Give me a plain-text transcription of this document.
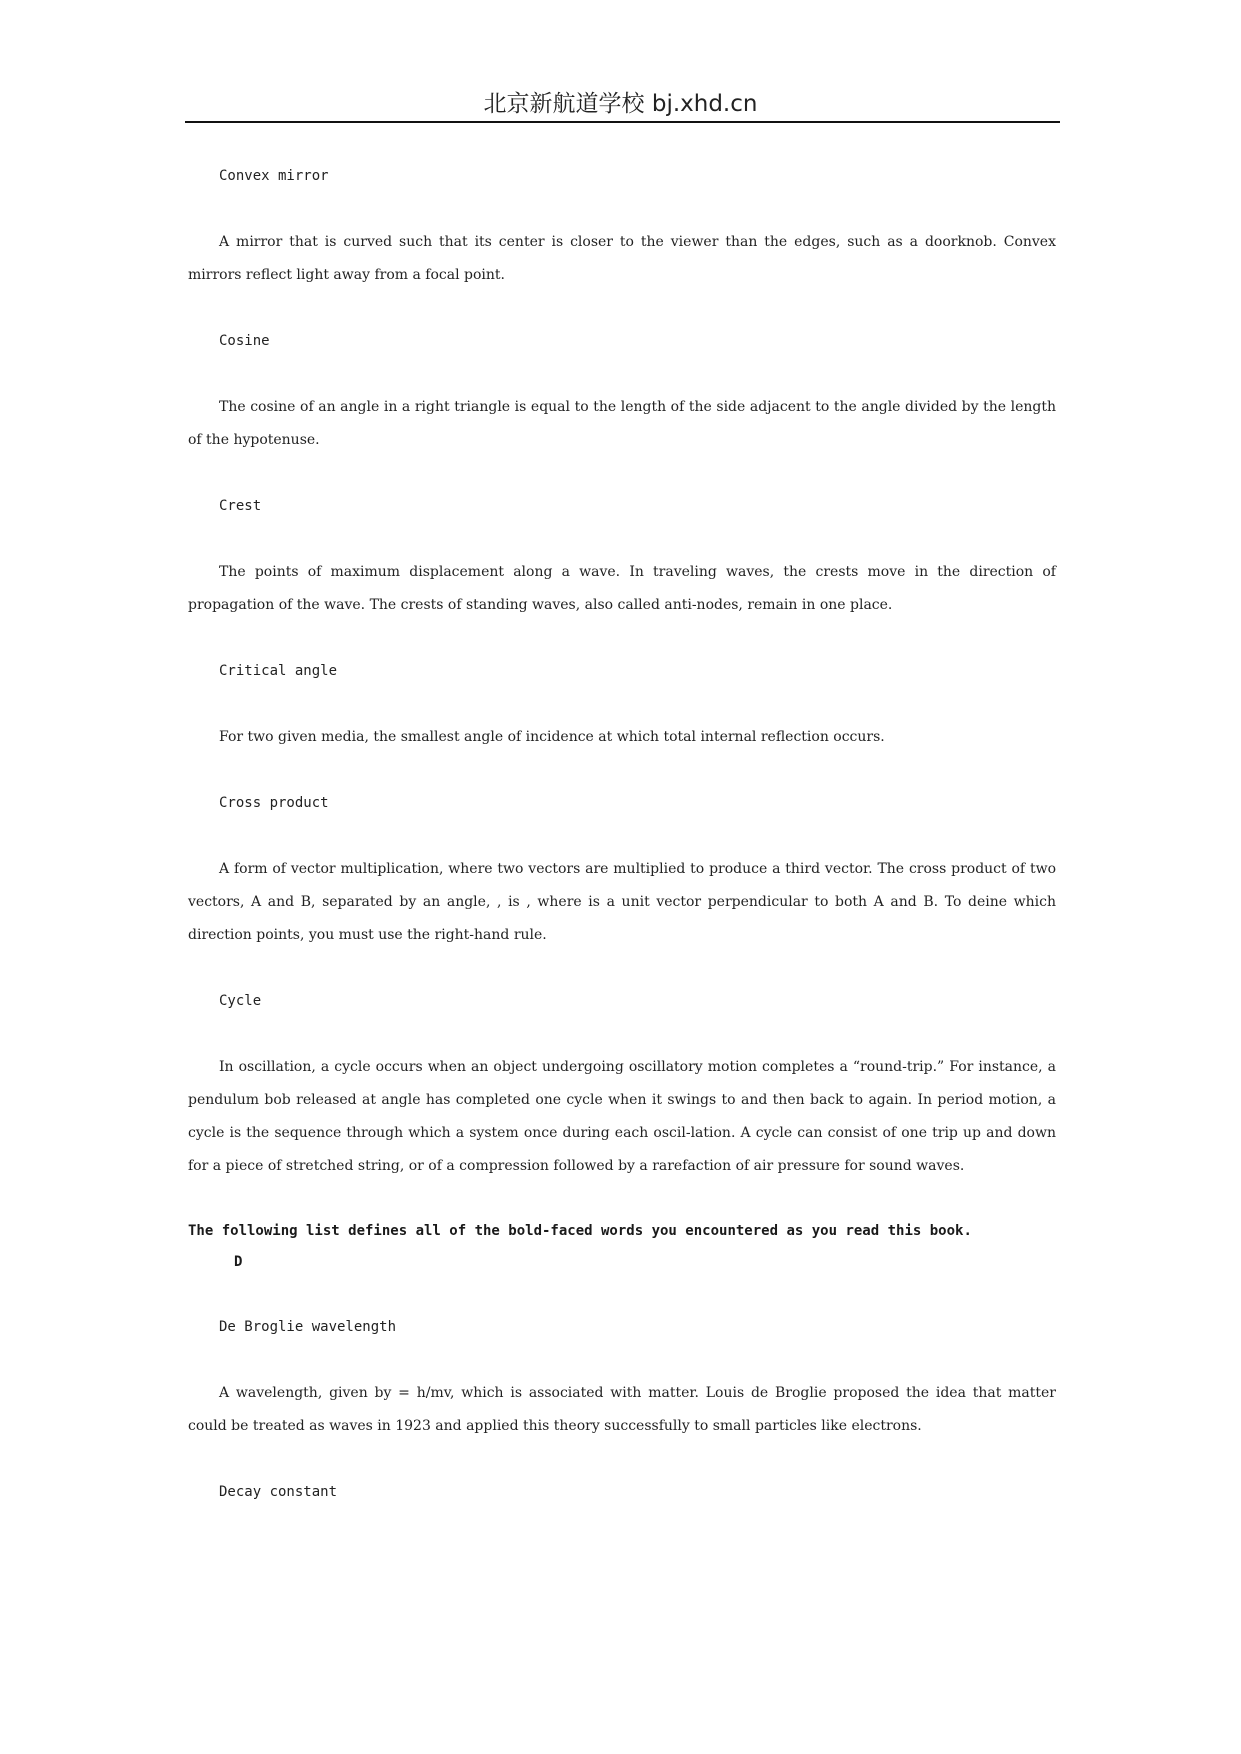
北京新航道学校 bj.xhd.cn

Convex mirror

A mirror that is curved such that its center is closer to the viewer than the edges, such as a doorknob. Convex mirrors reflect light away from a focal point.

Cosine

The cosine of an angle in a right triangle is equal to the length of the side adjacent to the angle divided by the length of the hypotenuse.

Crest

The points of maximum displacement along a wave. In traveling waves, the crests move in the direction of propagation of the wave. The crests of standing waves, also called anti-nodes, remain in one place.

Critical angle

For two given media, the smallest angle of incidence at which total internal reflection occurs.

Cross product

A form of vector multiplication, where two vectors are multiplied to produce a third vector. The cross product of two vectors, A and B, separated by an angle, , is , where is a unit vector perpendicular to both A and B. To deine which direction points, you must use the right-hand rule.

Cycle

In oscillation, a cycle occurs when an object undergoing oscillatory motion completes a “round-trip.” For instance, a pendulum bob released at angle has completed one cycle when it swings to and then back to again. In period motion, a cycle is the sequence through which a system once during each oscil-lation. A cycle can consist of one trip up and down for a piece of stretched string, or of a compression followed by a rarefaction of air pressure for sound waves.

The following list defines all of the bold-faced words you encountered as you read this book.

D

De Broglie wavelength

A wavelength, given by = h/mv, which is associated with matter. Louis de Broglie proposed the idea that matter could be treated as waves in 1923 and applied this theory successfully to small particles like electrons.

Decay constant
